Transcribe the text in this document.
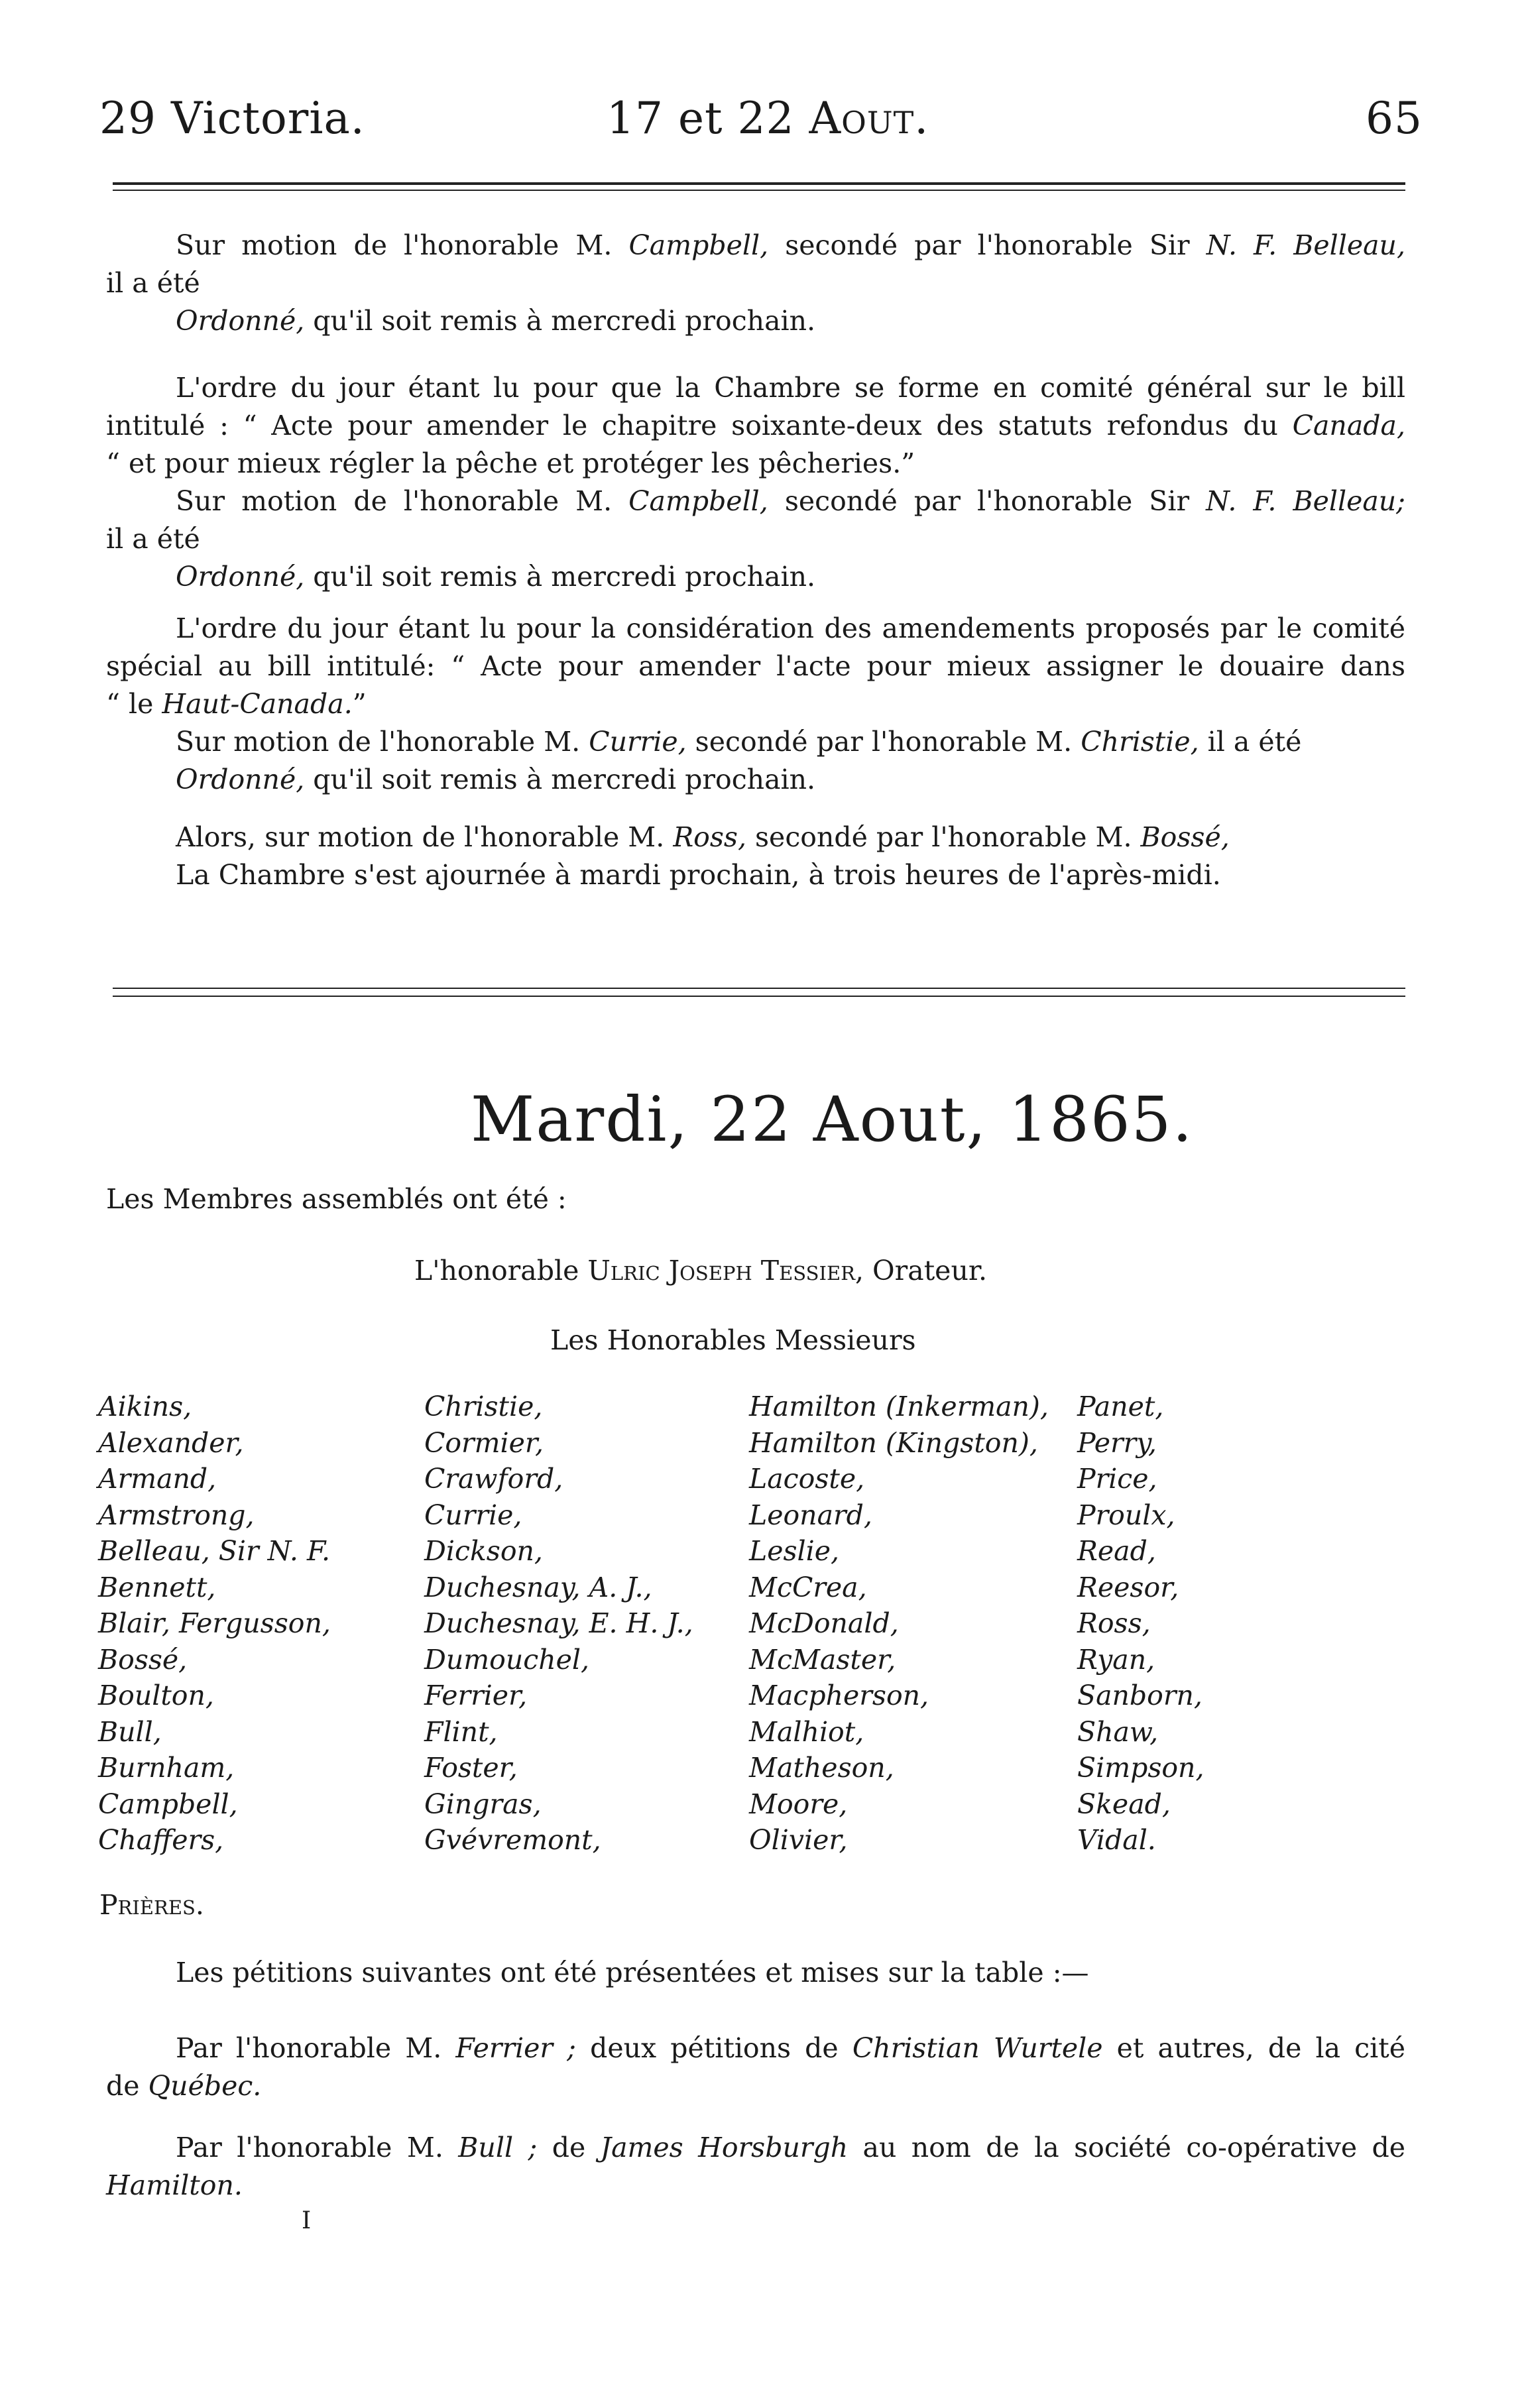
29 Victoria.	17 et 22 Aout.	65

Sur motion de l'honorable M. Campbell, secondé par l'honorable Sir N. F. Belleau,

il a été

Ordonné, qu'il soit remis à mercredi prochain.

L'ordre du jour étant lu pour que la Chambre se forme en comité général sur le bill

intitulé : “ Acte pour amender le chapitre soixante-deux des statuts refondus du Canada,

“ et pour mieux régler la pêche et protéger les pêcheries.”

Sur motion de l'honorable M. Campbell, secondé par l'honorable Sir N. F. Belleau;

il a été

Ordonné, qu'il soit remis à mercredi prochain.

L'ordre du jour étant lu pour la considération des amendements proposés par le comité

spécial au bill intitulé: “ Acte pour amender l'acte pour mieux assigner le douaire dans

“ le Haut-Canada.”

Sur motion de l'honorable M. Currie, secondé par l'honorable M. Christie, il a été

Ordonné, qu'il soit remis à mercredi prochain.

Alors, sur motion de l'honorable M. Ross, secondé par l'honorable M. Bossé,

La Chambre s'est ajournée à mardi prochain, à trois heures de l'après-midi.

Mardi, 22 Aout, 1865.
Les Membres assemblés ont été :
L'honorable Ulric Joseph Tessier, Orateur.
Les Honorables Messieurs
Aikins,
Alexander,
Armand,
Armstrong,
Belleau, Sir N. F.
Bennett,
Blair, Fergusson,
Bossé,
Boulton,
Bull,
Burnham,
Campbell,
Chaffers,
Christie,
Cormier,
Crawford,
Currie,
Dickson,
Duchesnay, A. J.,
Duchesnay, E. H. J.,
Dumouchel,
Ferrier,
Flint,
Foster,
Gingras,
Gvévremont,
Hamilton (Inkerman),
Hamilton (Kingston),
Lacoste,
Leonard,
Leslie,
McCrea,
McDonald,
McMaster,
Macpherson,
Malhiot,
Matheson,
Moore,
Olivier,
Panet,
Perry,
Price,
Proulx,
Read,
Reesor,
Ross,
Ryan,
Sanborn,
Shaw,
Simpson,
Skead,
Vidal.
Prières.
Les pétitions suivantes ont été présentées et mises sur la table :—

Par l'honorable M. Ferrier ; deux pétitions de Christian Wurtele et autres, de la cité

de Québec.

Par l'honorable M. Bull ; de James Horsburgh au nom de la société co-opérative de

Hamilton.

I
